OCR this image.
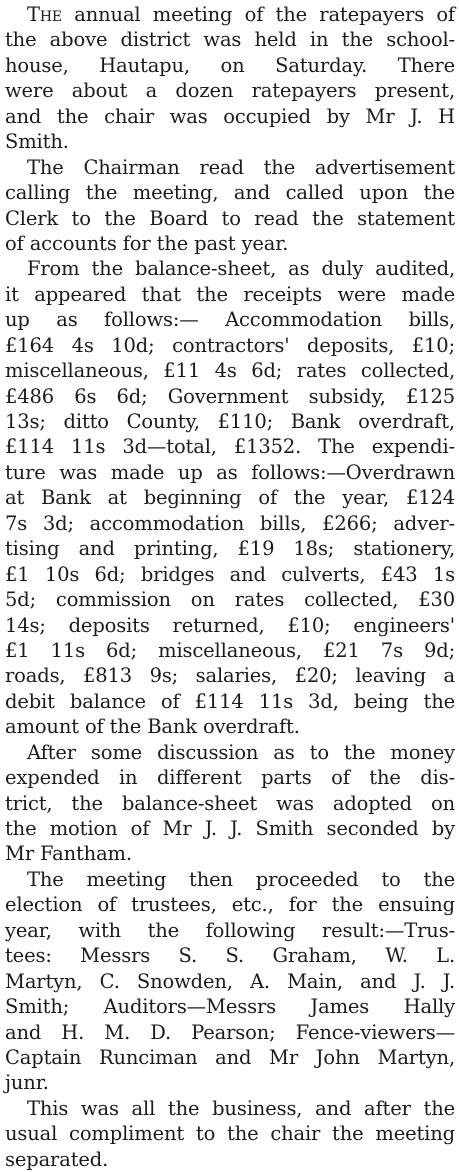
The annual meeting of the ratepayers of
the above district was held in the school-
house, Hautapu, on Saturday. There
were about a dozen ratepayers present,
and the chair was occupied by Mr J. H
Smith.

The Chairman read the advertisement
calling the meeting, and called upon the
Clerk to the Board to read the statement
of accounts for the past year.

From the balance-sheet, as duly audited,
it appeared that the receipts were made
up as follows:— Accommodation bills,
£164 4s 10d; contractors' deposits, £10;
miscellaneous, £11 4s 6d; rates collected,
£486 6s 6d; Government subsidy, £125
13s; ditto County, £110; Bank overdraft,
£114 11s 3d—total, £1352. The expendi-
ture was made up as follows:—Overdrawn
at Bank at beginning of the year, £124
7s 3d; accommodation bills, £266; adver-
tising and printing, £19 18s; stationery,
£1 10s 6d; bridges and culverts, £43 1s
5d; commission on rates collected, £30
14s; deposits returned, £10; engineers'
£1 11s 6d; miscellaneous, £21 7s 9d;
roads, £813 9s; salaries, £20; leaving a
debit balance of £114 11s 3d, being the
amount of the Bank overdraft.

After some discussion as to the money
expended in different parts of the dis-
trict, the balance-sheet was adopted on
the motion of Mr J. J. Smith seconded by
Mr Fantham.

The meeting then proceeded to the
election of trustees, etc., for the ensuing
year, with the following result:—Trus-
tees: Messrs S. S. Graham, W. L.
Martyn, C. Snowden, A. Main, and J. J.
Smith; Auditors—Messrs James Hally
and H. M. D. Pearson; Fence-viewers—
Captain Runciman and Mr John Martyn,
junr.

This was all the business, and after the
usual compliment to the chair the meeting
separated.
